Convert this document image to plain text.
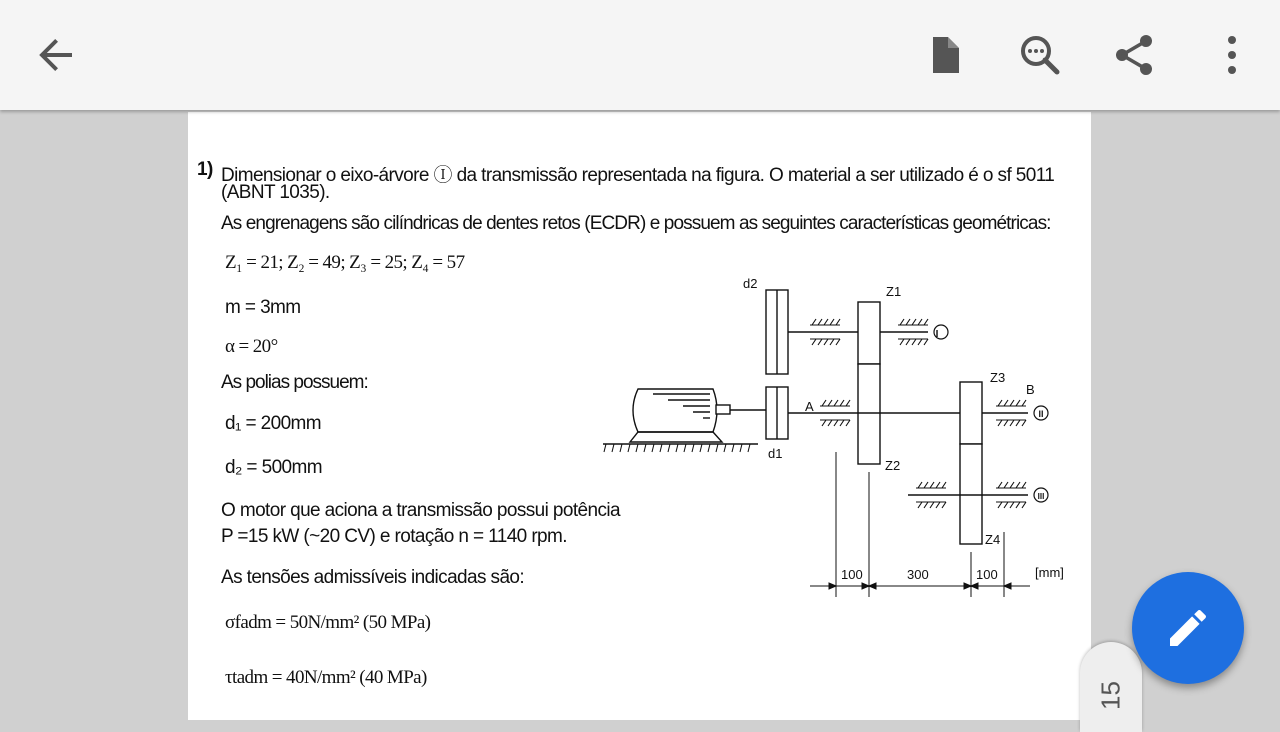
1) Dimensionar o eixo-árvore Ⓘ da transmissão representada na figura. O material a ser utilizado é o sf 5011
(ABNT 1035).
As engrenagens são cilíndricas de dentes retos (ECDR) e possuem as seguintes características geométricas:
Z₁ = 21; Z₂ = 49; Z₃ = 25; Z₄ = 57
m = 3mm
α = 20°
As polias possuem:
d₁ = 200mm
d₂ = 500mm
O motor que aciona a transmissão possui potência
P =15 kW (~20 CV) e rotação n = 1140 rpm.
As tensões admissíveis indicadas são:
σfadm = 50N/mm² (50 MPa)
τtadm = 40N/mm² (40 MPa)
d2
Z1
I
Z3
B
A	II
d1
Z2
III
Z4
100	300	100	[mm]
15
